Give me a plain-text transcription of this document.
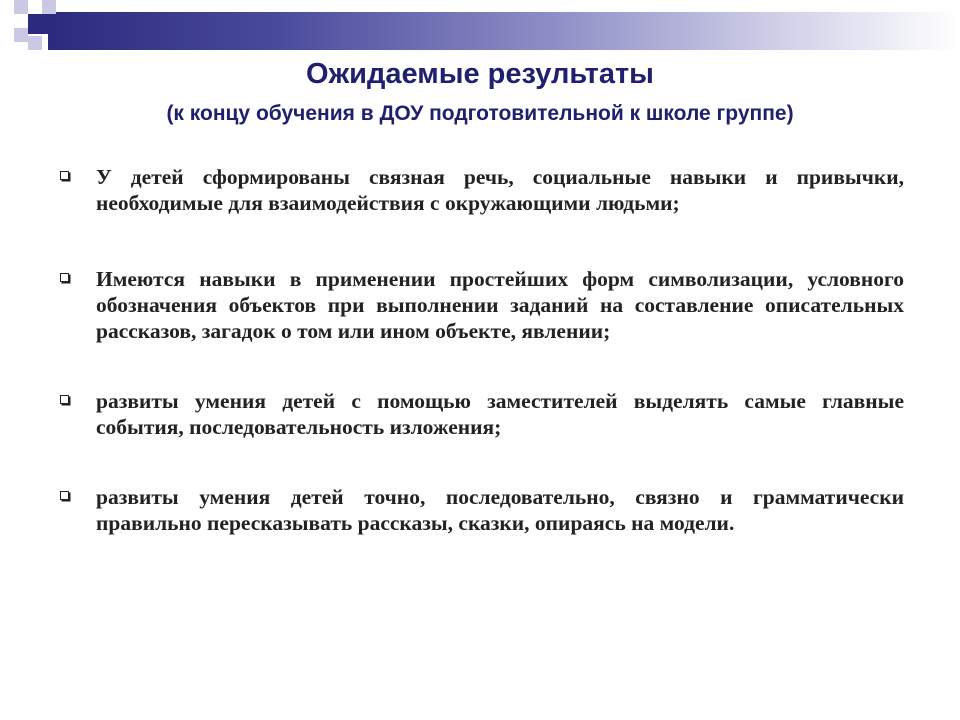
Ожидаемые результаты
(к концу обучения в ДОУ подготовительной к школе группе)
У детей сформированы связная речь, социальные навыки и привычки, необходимые для взаимодействия с окружающими людьми;
Имеются навыки в применении простейших форм символизации, условного обозначения объектов при выполнении заданий на составление описательных рассказов, загадок о том или ином объекте, явлении;
развиты умения детей с помощью заместителей выделять самые главные события, последовательность изложения;
развиты умения детей точно, последовательно, связно и грамматически правильно пересказывать рассказы, сказки, опираясь на модели.
